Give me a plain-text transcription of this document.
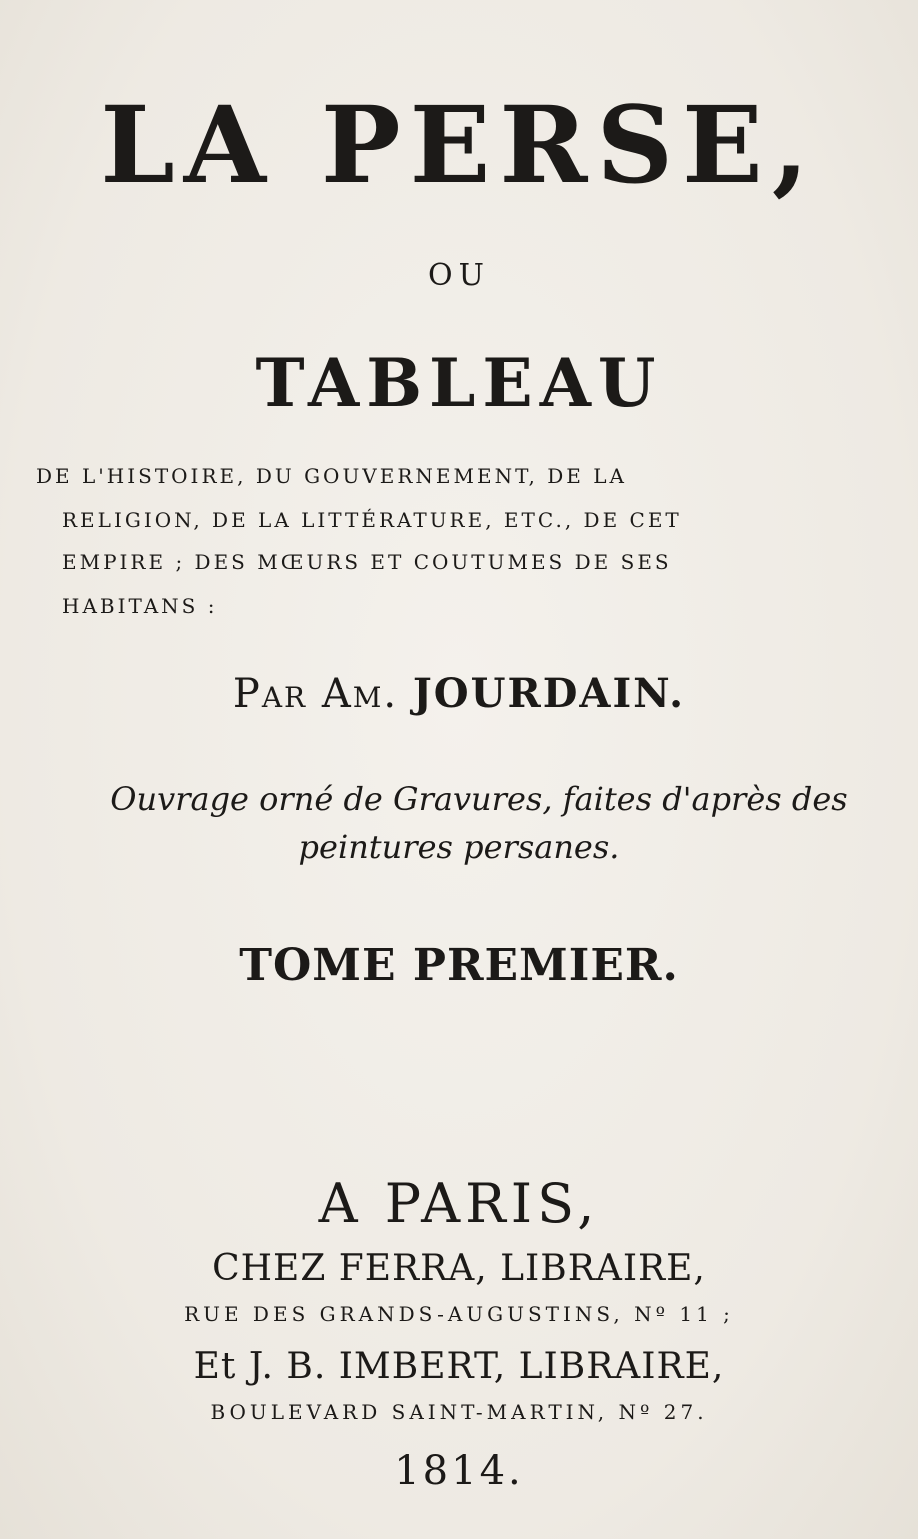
LA PERSE,
OU
TABLEAU
DE L'HISTOIRE, DU GOUVERNEMENT, DE LA
RELIGION, DE LA LITTÉRATURE, ETC., DE CET
EMPIRE ; DES MŒURS ET COUTUMES DE SES
HABITANS :
Par Am. JOURDAIN.
Ouvrage orné de Gravures, faites d'après des
peintures persanes.
TOME PREMIER.
A PARIS,
CHEZ FERRA, LIBRAIRE,
RUE DES GRANDS-AUGUSTINS, Nº 11 ;
Et J. B. IMBERT, LIBRAIRE,
BOULEVARD SAINT-MARTIN, Nº 27.
1814.
